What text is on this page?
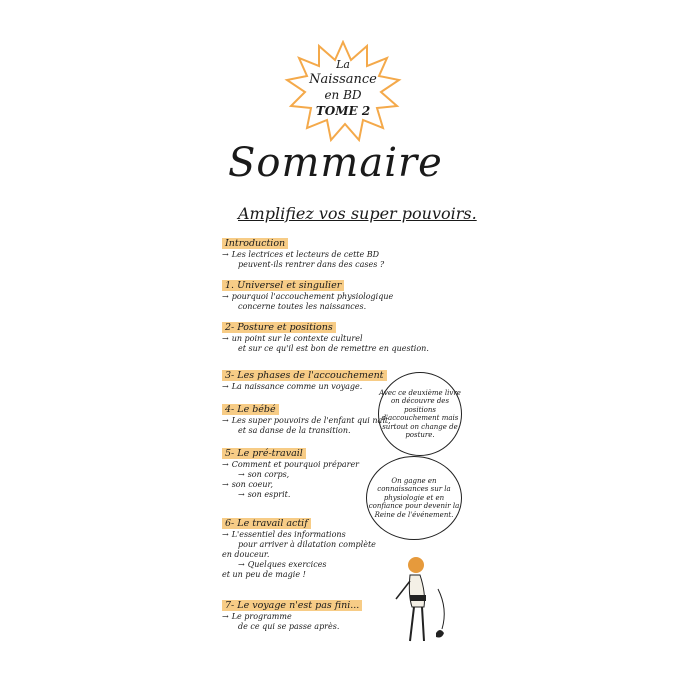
La
Naissance
en BD
TOME 2
Sommaire
Amplifiez vos super pouvoirs.
Introduction
→ Les lectrices et lecteurs de cette BD
peuvent-ils rentrer dans des cases ?
1. Universel et singulier
→ pourquoi l'accouchement physiologique
concerne toutes les naissances.
2- Posture et positions
→ un point sur le contexte culturel
et sur ce qu'il est bon de remettre en question.
3- Les phases de l'accouchement
→ La naissance comme un voyage.
4- Le bébé
→ Les super pouvoirs de l'enfant qui naît,
et sa danse de la transition.
5- Le pré-travail
→ Comment et pourquoi préparer
→ son corps,
→ son coeur,
→ son esprit.
6- Le travail actif
→ L'essentiel des informations
pour arriver à dilatation complète
en douceur.
→ Quelques exercices
et un peu de magie !
7- Le voyage n'est pas fini...
→ Le programme
de ce qui se passe après.
Avec ce deuxième livre on découvre des positions d'accouchement mais surtout on change de posture.
On gagne en connaissances sur la physiologie et en confiance pour devenir la Reine de l'événement.
